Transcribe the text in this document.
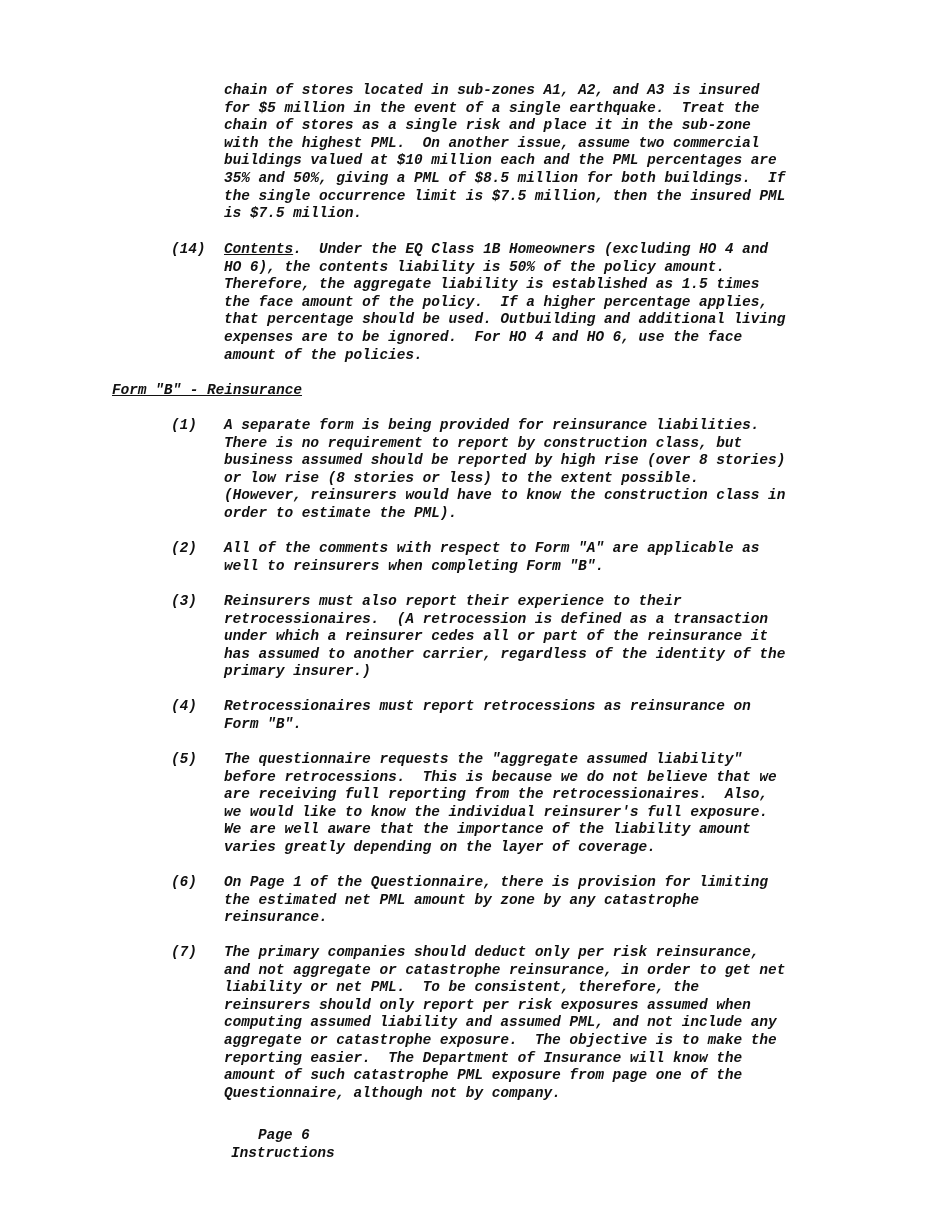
chain of stores located in sub-zones A1, A2, and A3 is insured
for $5 million in the event of a single earthquake.  Treat the
chain of stores as a single risk and place it in the sub-zone
with the highest PML.  On another issue, assume two commercial
buildings valued at $10 million each and the PML percentages are
35% and 50%, giving a PML of $8.5 million for both buildings.  If
the single occurrence limit is $7.5 million, then the insured PML
is $7.5 million.
(14) Contents.  Under the EQ Class 1B Homeowners (excluding HO 4 and
HO 6), the contents liability is 50% of the policy amount.
Therefore, the aggregate liability is established as 1.5 times
the face amount of the policy.  If a higher percentage applies,
that percentage should be used. Outbuilding and additional living
expenses are to be ignored.  For HO 4 and HO 6, use the face
amount of the policies.
Form "B" - Reinsurance
(1) A separate form is being provided for reinsurance liabilities.
There is no requirement to report by construction class, but
business assumed should be reported by high rise (over 8 stories)
or low rise (8 stories or less) to the extent possible.
(However, reinsurers would have to know the construction class in
order to estimate the PML).
(2) All of the comments with respect to Form "A" are applicable as
well to reinsurers when completing Form "B".
(3) Reinsurers must also report their experience to their
retrocessionaires.  (A retrocession is defined as a transaction
under which a reinsurer cedes all or part of the reinsurance it
has assumed to another carrier, regardless of the identity of the
primary insurer.)
(4) Retrocessionaires must report retrocessions as reinsurance on
Form "B".
(5) The questionnaire requests the "aggregate assumed liability"
before retrocessions.  This is because we do not believe that we
are receiving full reporting from the retrocessionaires.  Also,
we would like to know the individual reinsurer's full exposure.
We are well aware that the importance of the liability amount
varies greatly depending on the layer of coverage.
(6) On Page 1 of the Questionnaire, there is provision for limiting
the estimated net PML amount by zone by any catastrophe
reinsurance.
(7) The primary companies should deduct only per risk reinsurance,
and not aggregate or catastrophe reinsurance, in order to get net
liability or net PML.  To be consistent, therefore, the
reinsurers should only report per risk exposures assumed when
computing assumed liability and assumed PML, and not include any
aggregate or catastrophe exposure.  The objective is to make the
reporting easier.  The Department of Insurance will know the
amount of such catastrophe PML exposure from page one of the
Questionnaire, although not by company.
Page 6
Instructions
